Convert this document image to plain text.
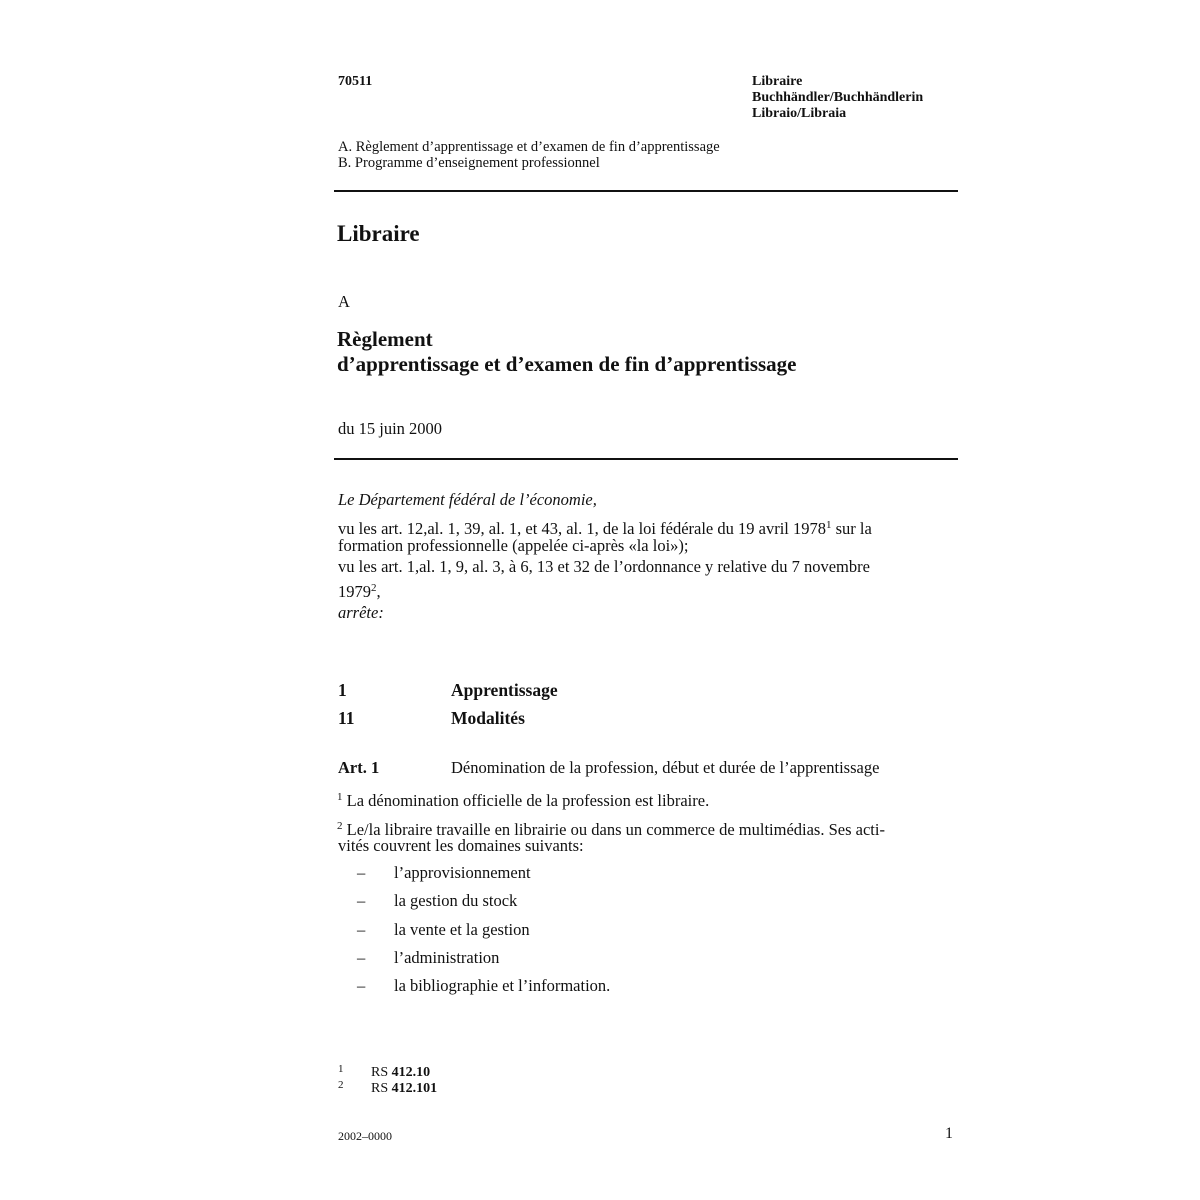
70511	Libraire
Buchhändler/Buchhändlerin
Libraio/Libraia
A. Règlement d’apprentissage et d’examen de fin d’apprentissage
B. Programme d’enseignement professionnel
Libraire
A
Règlement
d’apprentissage et d’examen de fin d’apprentissage
du 15 juin 2000
Le Département fédéral de l’économie,
vu les art. 12,al. 1, 39, al. 1, et 43, al. 1, de la loi fédérale du 19 avril 1978$^1$ sur la
formation professionnelle (appelée ci-après «la loi»);
vu les art. 1,al. 1, 9, al. 3, à 6, 13 et 32 de l’ordonnance y relative du 7 novembre
1979$^2$,
arrête:
1	Apprentissage
11	Modalités
Art. 1	Dénomination de la profession, début et durée de l’apprentissage
$^1$ La dénomination officielle de la profession est libraire.
$^2$ Le/la libraire travaille en librairie ou dans un commerce de multimédias. Ses acti-
vités couvrent les domaines suivants:
– l’approvisionnement
– la gestion du stock
– la vente et la gestion
– l’administration
– la bibliographie et l’information.
1 RS 412.10
2 RS 412.101
2002–0000	1
